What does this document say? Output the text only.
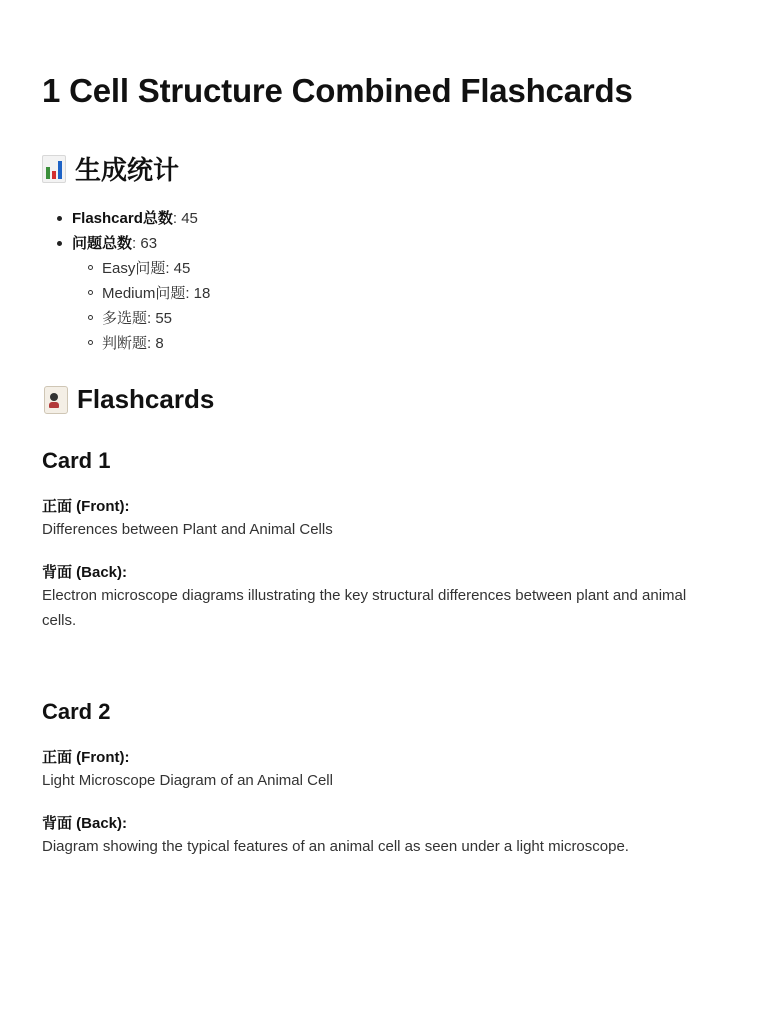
1 Cell Structure Combined Flashcards
生成统计
Flashcard总数: 45
问题总数: 63
Easy问题: 45
Medium问题: 18
多选题: 55
判断题: 8
Flashcards
Card 1
正面 (Front):
Differences between Plant and Animal Cells
背面 (Back):
Electron microscope diagrams illustrating the key structural differences between plant and animal cells.
Card 2
正面 (Front):
Light Microscope Diagram of an Animal Cell
背面 (Back):
Diagram showing the typical features of an animal cell as seen under a light microscope.
